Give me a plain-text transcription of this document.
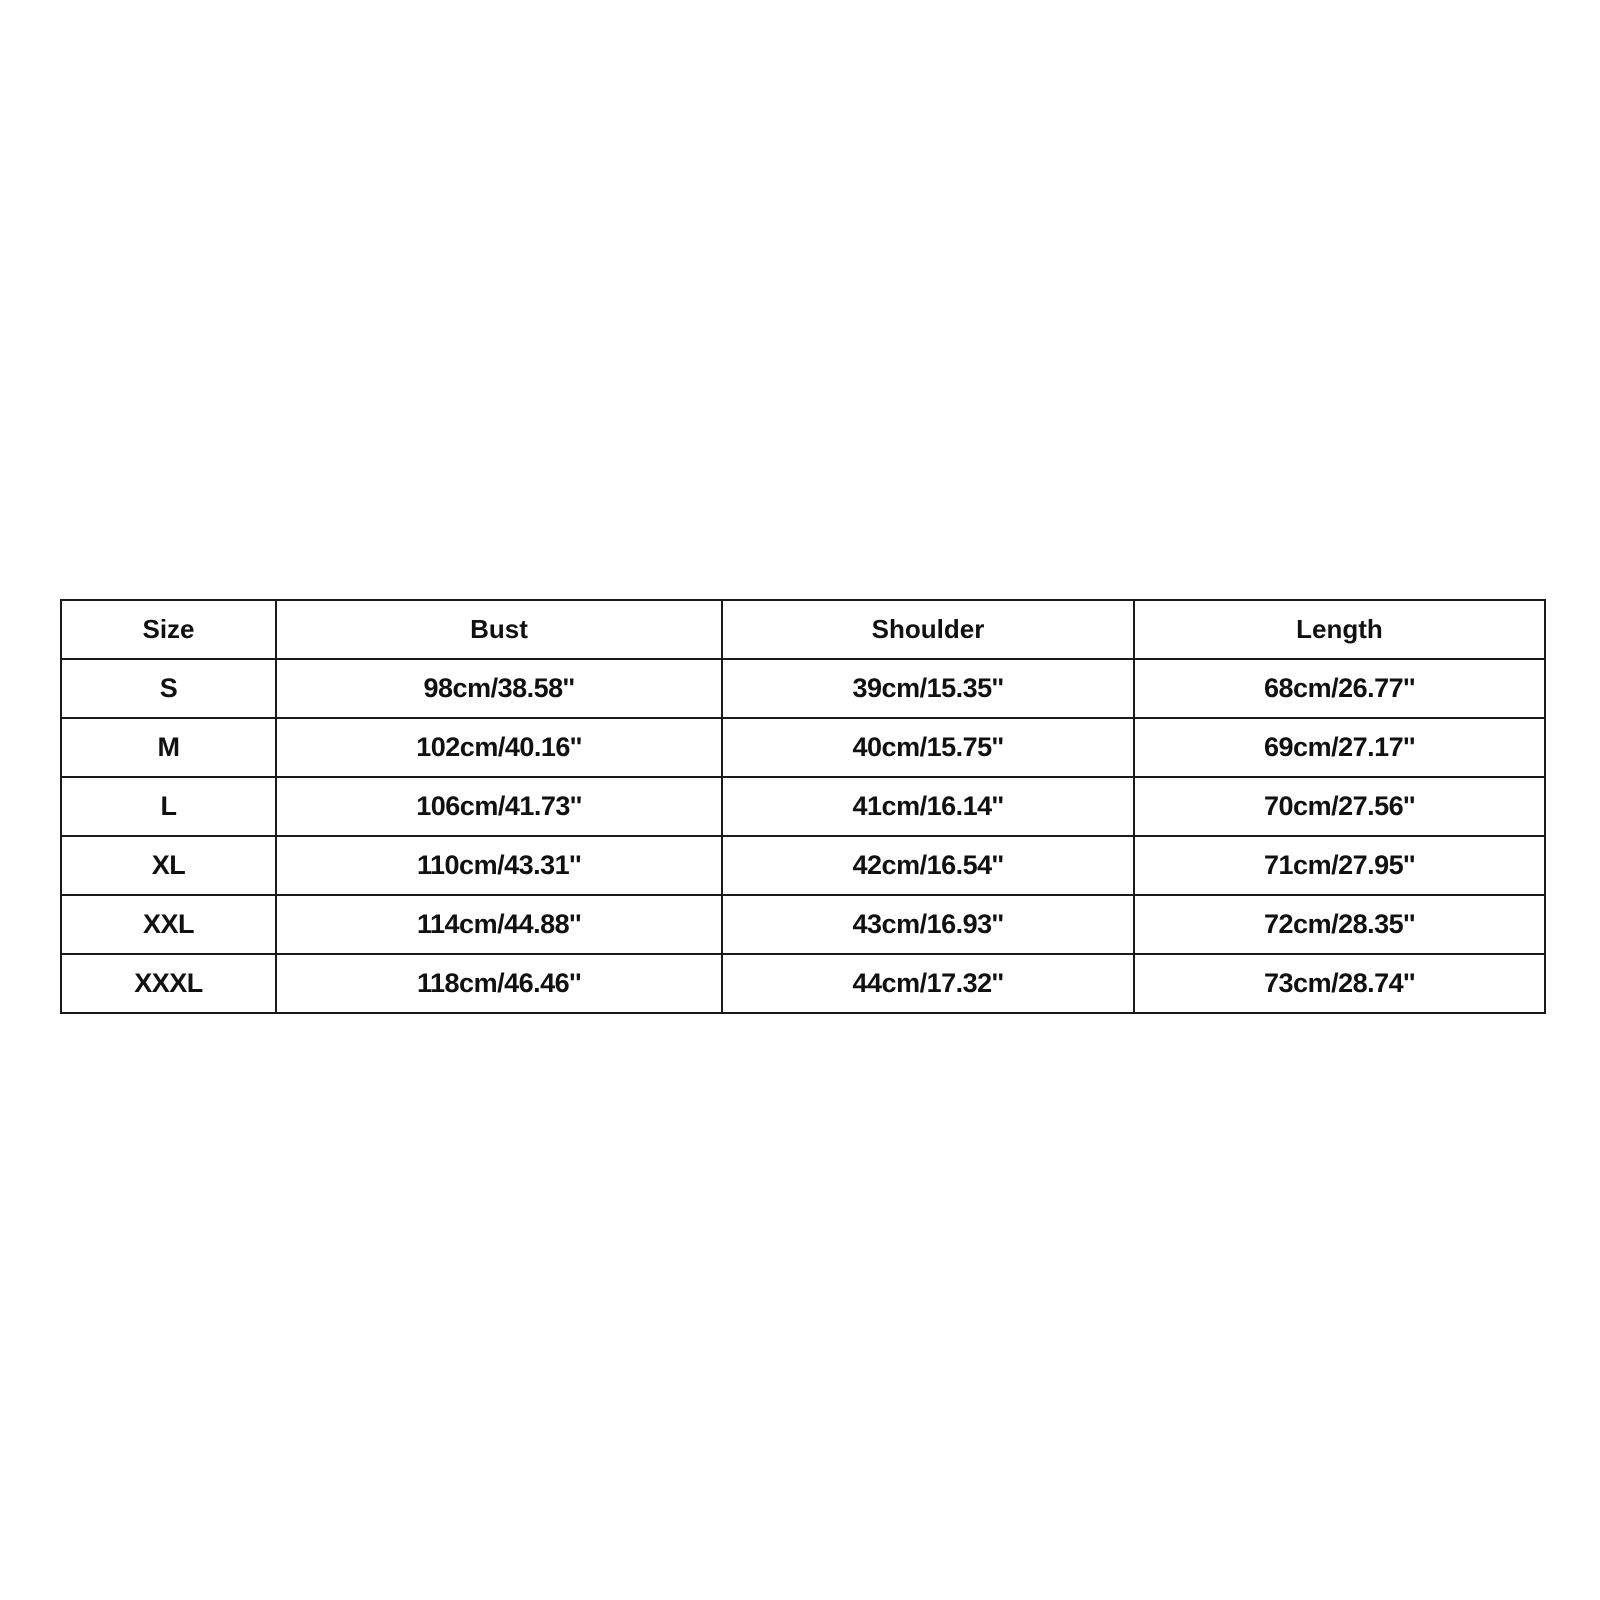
Size	Bust	Shoulder	Length
S	98cm/38.58''	39cm/15.35''	68cm/26.77''
M	102cm/40.16''	40cm/15.75''	69cm/27.17''
L	106cm/41.73''	41cm/16.14''	70cm/27.56''
XL	110cm/43.31''	42cm/16.54''	71cm/27.95''
XXL	114cm/44.88''	43cm/16.93''	72cm/28.35''
XXXL	118cm/46.46''	44cm/17.32''	73cm/28.74''
